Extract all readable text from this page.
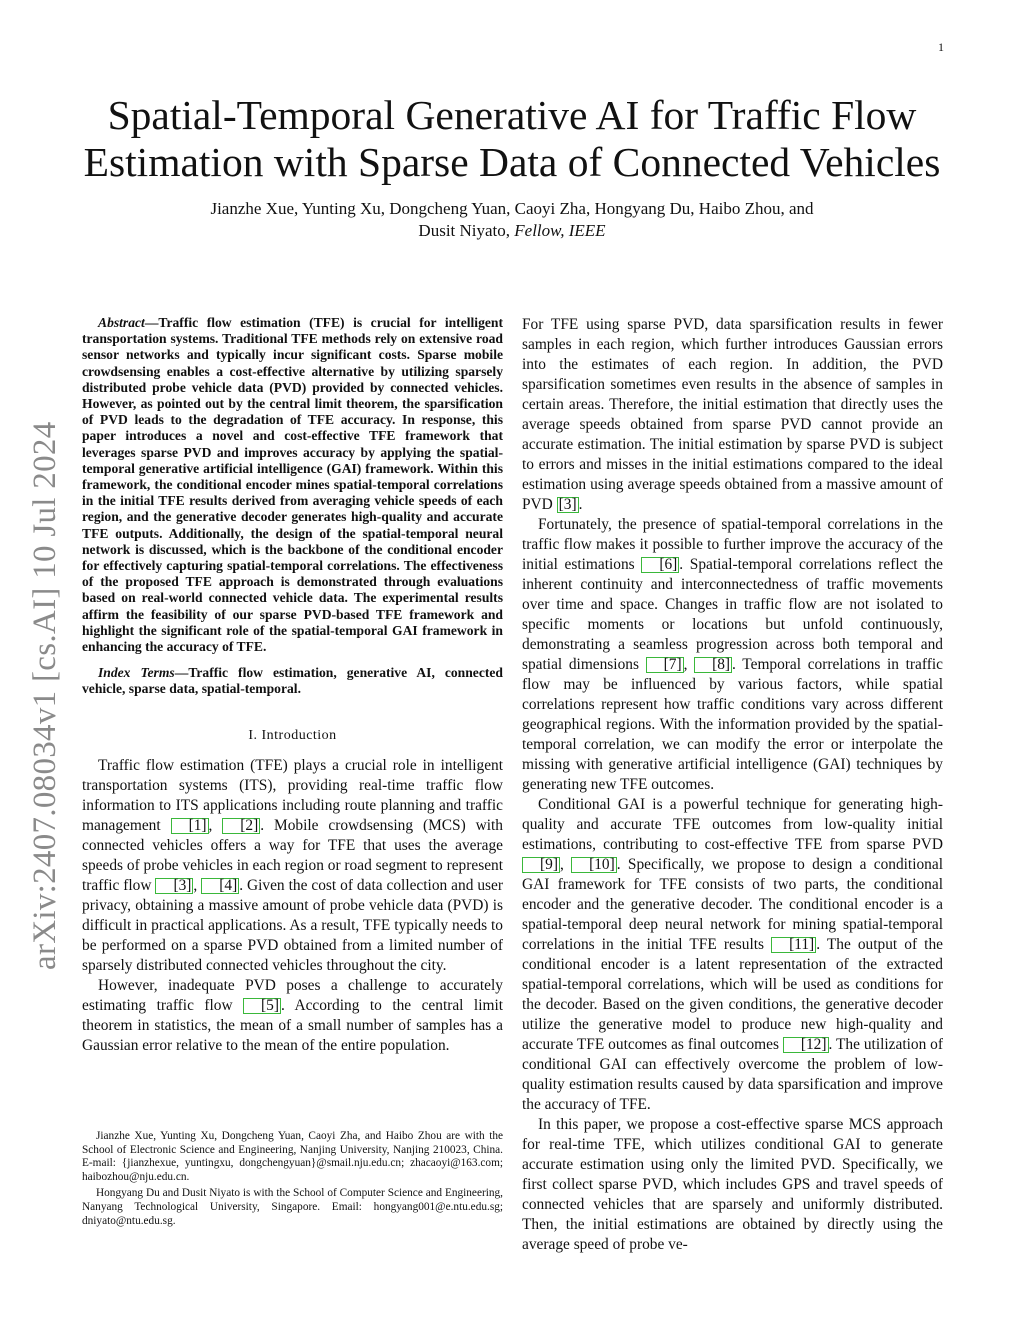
1
arXiv:2407.08034v1 [cs.AI] 10 Jul 2024
Spatial-Temporal Generative AI for Traffic Flow Estimation with Sparse Data of Connected Vehicles
Jianzhe Xue, Yunting Xu, Dongcheng Yuan, Caoyi Zha, Hongyang Du, Haibo Zhou, and
Dusit Niyato, Fellow, IEEE

Abstract—Traffic flow estimation (TFE) is crucial for intelligent transportation systems. Traditional TFE methods rely on extensive road sensor networks and typically incur significant costs. Sparse mobile crowdsensing enables a cost-effective alternative by utilizing sparsely distributed probe vehicle data (PVD) provided by connected vehicles. However, as pointed out by the central limit theorem, the sparsification of PVD leads to the degradation of TFE accuracy. In response, this paper introduces a novel and cost-effective TFE framework that leverages sparse PVD and improves accuracy by applying the spatial-temporal generative artificial intelligence (GAI) framework. Within this framework, the conditional encoder mines spatial-temporal correlations in the initial TFE results derived from averaging vehicle speeds of each region, and the generative decoder generates high-quality and accurate TFE outputs. Additionally, the design of the spatial-temporal neural network is discussed, which is the backbone of the conditional encoder for effectively capturing spatial-temporal correlations. The effectiveness of the proposed TFE approach is demonstrated through evaluations based on real-world connected vehicle data. The experimental results affirm the feasibility of our sparse PVD-based TFE framework and highlight the significant role of the spatial-temporal GAI framework in enhancing the accuracy of TFE.

Index Terms—Traffic flow estimation, generative AI, connected vehicle, sparse data, spatial-temporal.

I. Introduction

Traffic flow estimation (TFE) plays a crucial role in intelligent transportation systems (ITS), providing real-time traffic flow information to ITS applications including route planning and traffic management [1] , [2] . Mobile crowdsensing (MCS) with connected vehicles offers a way for TFE that uses the average speeds of probe vehicles in each region or road segment to represent traffic flow [3] , [4] . Given the cost of data collection and user privacy, obtaining a massive amount of probe vehicle data (PVD) is difficult in practical applications. As a result, TFE typically needs to be performed on a sparse PVD obtained from a limited number of sparsely distributed connected vehicles throughout the city.

However, inadequate PVD poses a challenge to accurately estimating traffic flow [5] . According to the central limit theorem in statistics, the mean of a small number of samples has a Gaussian error relative to the mean of the entire population.

For TFE using sparse PVD, data sparsification results in fewer samples in each region, which further introduces Gaussian errors into the estimates of each region. In addition, the PVD sparsification sometimes even results in the absence of samples in certain areas. Therefore, the initial estimation that directly uses the average speeds obtained from sparse PVD cannot provide an accurate estimation. The initial estimation by sparse PVD is subject to errors and misses in the initial estimations compared to the ideal estimation using average speeds obtained from a massive amount of PVD [3] .

Fortunately, the presence of spatial-temporal correlations in the traffic flow makes it possible to further improve the accuracy of the initial estimations [6] . Spatial-temporal correlations reflect the inherent continuity and interconnectedness of traffic movements over time and space. Changes in traffic flow are not isolated to specific moments or locations but unfold continuously, demonstrating a seamless progression across both temporal and spatial dimensions [7] , [8] . Temporal correlations in traffic flow may be influenced by various factors, while spatial correlations represent how traffic conditions vary across different geographical regions. With the information provided by the spatial-temporal correlation, we can modify the error or interpolate the missing with generative artificial intelligence (GAI) techniques by generating new TFE outcomes.

Conditional GAI is a powerful technique for generating high-quality and accurate TFE outcomes from low-quality initial estimations, contributing to cost-effective TFE from sparse PVD [9] , [10] . Specifically, we propose to design a conditional GAI framework for TFE consists of two parts, the conditional encoder and the generative decoder. The conditional encoder is a spatial-temporal deep neural network for mining spatial-temporal correlations in the initial TFE results [11] . The output of the conditional encoder is a latent representation of the extracted spatial-temporal correlations, which will be used as conditions for the decoder. Based on the given conditions, the generative decoder utilize the generative model to produce new high-quality and accurate TFE outcomes as final outcomes [12] . The utilization of conditional GAI can effectively overcome the problem of low-quality estimation results caused by data sparsification and improve the accuracy of TFE.

In this paper, we propose a cost-effective sparse MCS approach for real-time TFE, which utilizes conditional GAI to generate accurate estimation using only the limited PVD. Specifically, we first collect sparse PVD, which includes GPS and travel speeds of connected vehicles that are sparsely and uniformly distributed. Then, the initial estimations are obtained by directly using the average speed of probe ve-

Jianzhe Xue, Yunting Xu, Dongcheng Yuan, Caoyi Zha, and Haibo Zhou are with the School of Electronic Science and Engineering, Nanjing University, Nanjing 210023, China. E-mail: {jianzhexue, yuntingxu, dongchengyuan}@smail.nju.edu.cn; zhacaoyi@163.com; haibozhou@nju.edu.cn.

Hongyang Du and Dusit Niyato is with the School of Computer Science and Engineering, Nanyang Technological University, Singapore. Email: hongyang001@e.ntu.edu.sg; dniyato@ntu.edu.sg.
